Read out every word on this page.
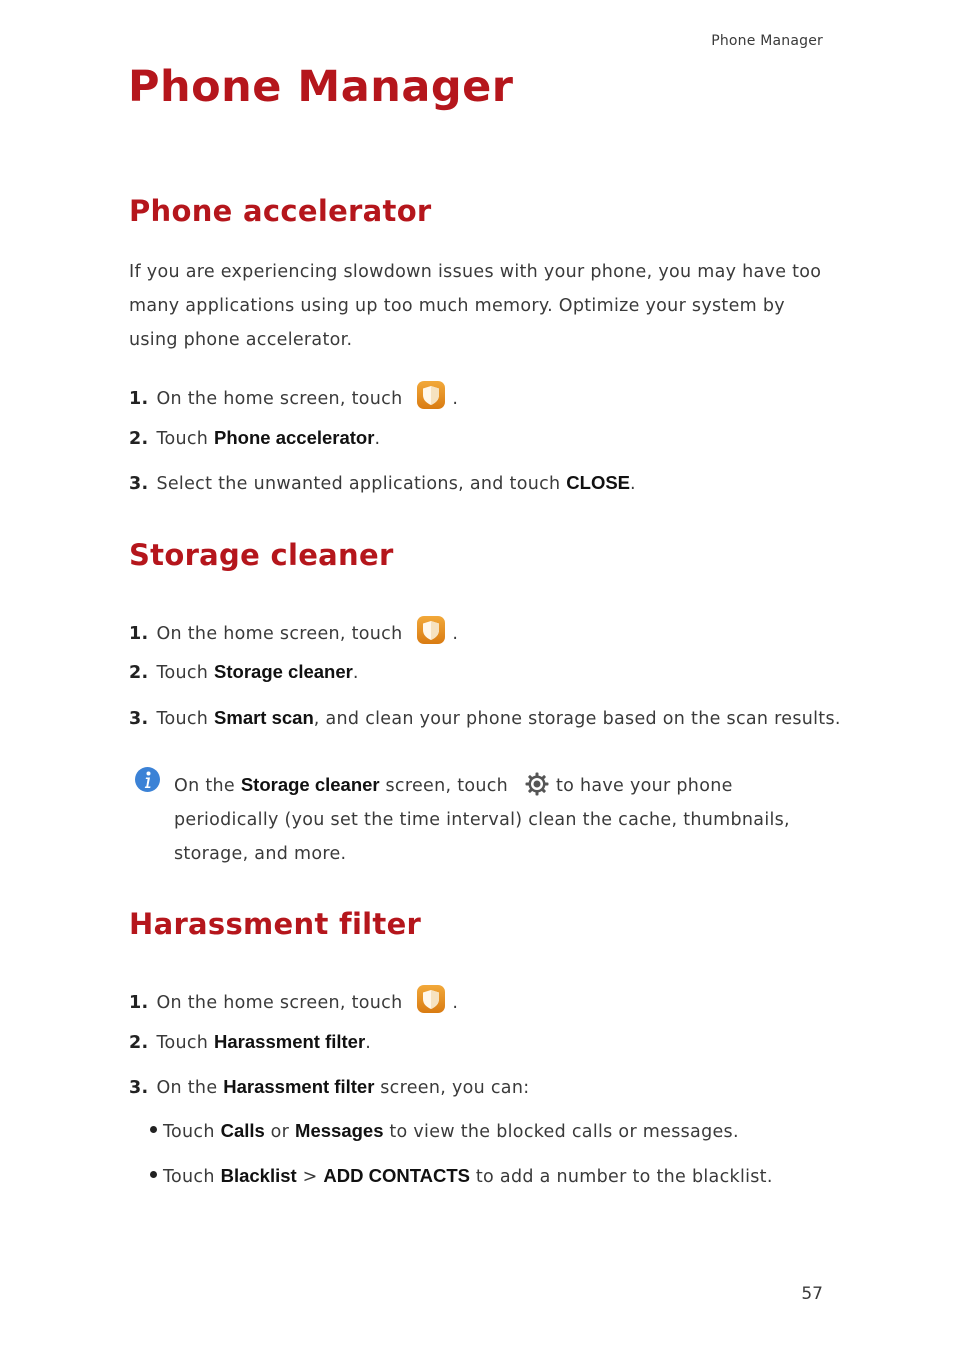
Phone Manager
Phone Manager
Phone accelerator
If you are experiencing slowdown issues with your phone, you may have too many applications using up too much memory. Optimize your system by using phone accelerator.
1. On the home screen, touch	.
2. Touch Phone accelerator.
3. Select the unwanted applications, and touch CLOSE.
Storage cleaner
1. On the home screen, touch	.
2. Touch Storage cleaner.
3. Touch Smart scan, and clean your phone storage based on the scan results.
On the Storage cleaner screen, touch	to have your phone periodically (you set the time interval) clean the cache, thumbnails, storage, and more.
Harassment filter
1. On the home screen, touch	.
2. Touch Harassment filter.
3. On the Harassment filter screen, you can:
Touch Calls or Messages to view the blocked calls or messages.
Touch Blacklist > ADD CONTACTS to add a number to the blacklist.
57
